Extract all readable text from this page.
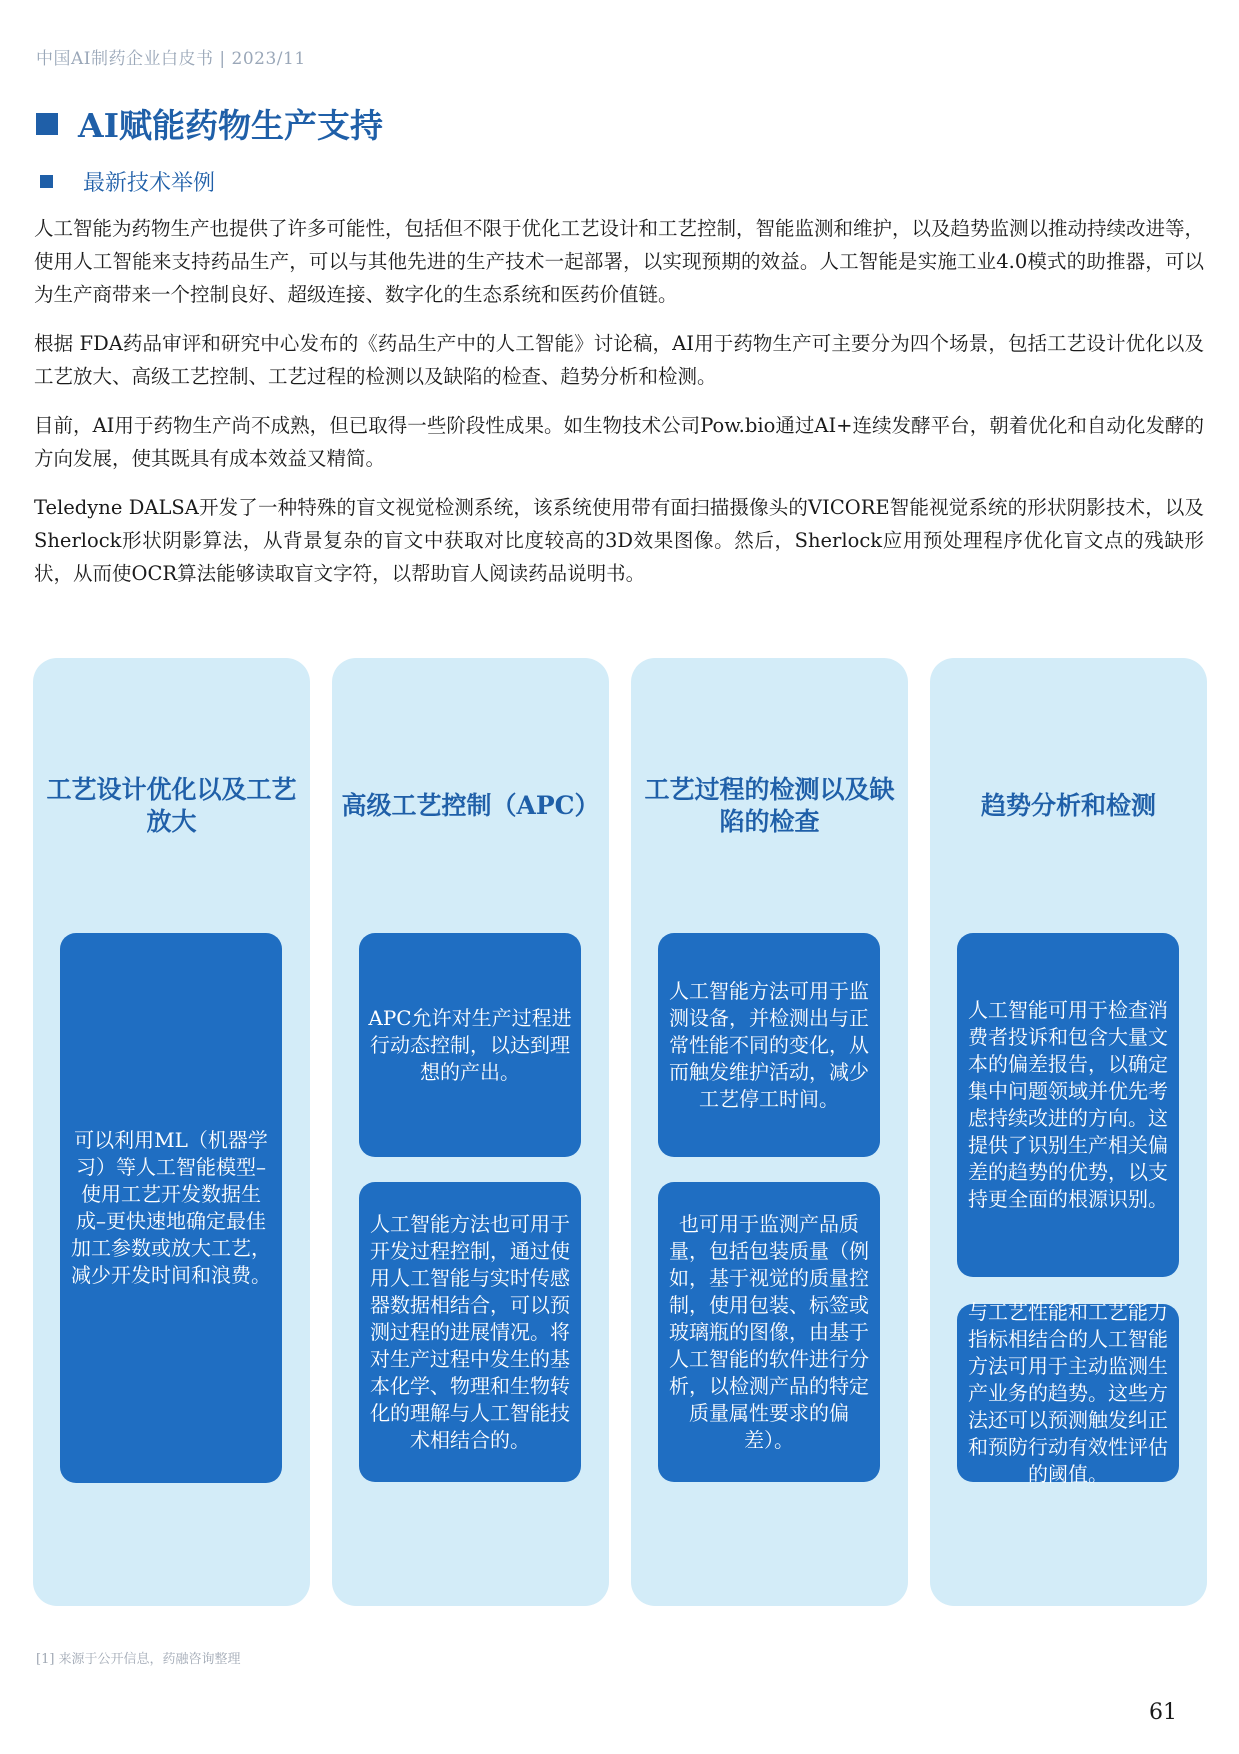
中国AI制药企业白皮书 | 2023/11
AI赋能药物生产支持
最新技术举例

人工智能为药物生产也提供了许多可能性，包括但不限于优化工艺设计和工艺控制，智能监测和维护，以及趋势监测以推动持续改进等，使用人工智能来支持药品生产，可以与其他先进的生产技术一起部署，以实现预期的效益。人工智能是实施工业4.0模式的助推器，可以为生产商带来一个控制良好、超级连接、数字化的生态系统和医药价值链。

根据 FDA药品审评和研究中心发布的《药品生产中的人工智能》讨论稿，AI用于药物生产可主要分为四个场景，包括工艺设计优化以及工艺放大、高级工艺控制、工艺过程的检测以及缺陷的检查、趋势分析和检测。

目前，AI用于药物生产尚不成熟，但已取得一些阶段性成果。如生物技术公司Pow.bio通过AI+连续发酵平台，朝着优化和自动化发酵的方向发展，使其既具有成本效益又精简。

Teledyne DALSA开发了一种特殊的盲文视觉检测系统，该系统使用带有面扫描摄像头的VICORE智能视觉系统的形状阴影技术，以及Sherlock形状阴影算法，从背景复杂的盲文中获取对比度较高的3D效果图像。然后，Sherlock应用预处理程序优化盲文点的残缺形状，从而使OCR算法能够读取盲文字符，以帮助盲人阅读药品说明书。

工艺设计优化以及工艺放大
可以利用ML（机器学习）等人工智能模型–使用工艺开发数据生成–更快速地确定最佳加工参数或放大工艺，减少开发时间和浪费。
高级工艺控制（APC）
APC允许对生产过程进行动态控制，以达到理想的产出。
人工智能方法也可用于开发过程控制，通过使用人工智能与实时传感器数据相结合，可以预测过程的进展情况。将对生产过程中发生的基本化学、物理和生物转化的理解与人工智能技术相结合的。
工艺过程的检测以及缺陷的检查
人工智能方法可用于监测设备，并检测出与正常性能不同的变化，从而触发维护活动，减少工艺停工时间。
也可用于监测产品质量，包括包装质量（例如，基于视觉的质量控制，使用包装、标签或玻璃瓶的图像，由基于人工智能的软件进行分析，以检测产品的特定质量属性要求的偏差）。
趋势分析和检测
人工智能可用于检查消费者投诉和包含大量文本的偏差报告，以确定集中问题领域并优先考虑持续改进的方向。这提供了识别生产相关偏差的趋势的优势，以支持更全面的根源识别。
与工艺性能和工艺能力指标相结合的人工智能方法可用于主动监测生产业务的趋势。这些方法还可以预测触发纠正和预防行动有效性评估的阈值。
[1] 来源于公开信息，药融咨询整理
61
